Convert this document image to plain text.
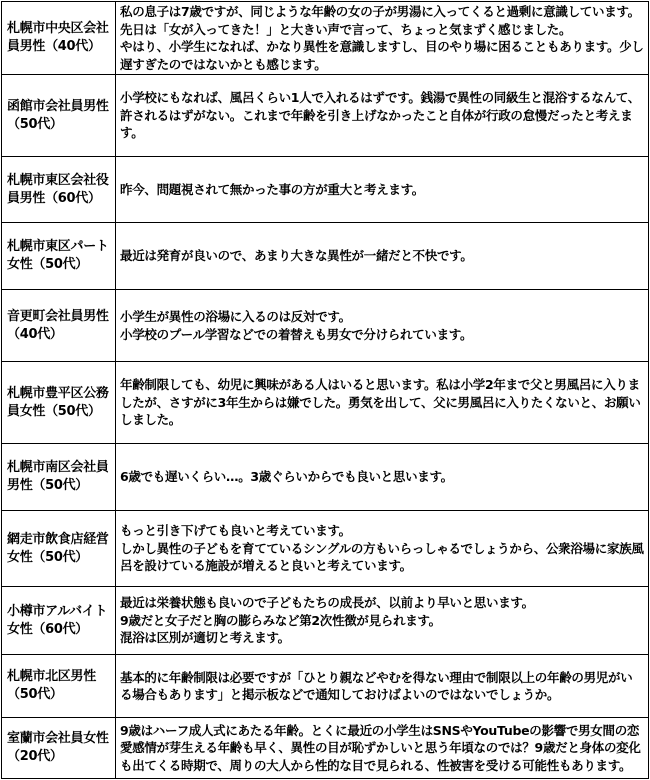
札幌市中央区会社員男性（40代）	私の息子は7歳ですが、同じような年齢の女の子が男湯に入ってくると過剰に意識しています。先日は「女が入ってきた！」と大きい声で言って、ちょっと気まずく感じました。
やはり、小学生になれば、かなり異性を意識しますし、目のやり場に困ることもあります。少し遅すぎたのではないかとも感じます。
函館市会社員男性（50代）	小学校にもなれば、風呂くらい1人で入れるはずです。銭湯で異性の同級生と混浴するなんて、許されるはずがない。これまで年齢を引き上げなかったこと自体が行政の怠慢だったと考えます。
札幌市東区会社役員男性（60代）	昨今、問題視されて無かった事の方が重大と考えます。
札幌市東区パート女性（50代）	最近は発育が良いので、あまり大きな異性が一緒だと不快です。
音更町会社員男性（40代）	小学生が異性の浴場に入るのは反対です。
小学校のプール学習などでの着替えも男女で分けられています。
札幌市豊平区公務員女性（50代）	年齢制限しても、幼児に興味がある人はいると思います。私は小学2年まで父と男風呂に入りましたが、さすがに3年生からは嫌でした。勇気を出して、父に男風呂に入りたくないと、お願いしました。
札幌市南区会社員男性（50代）	6歳でも遅いくらい…。3歳ぐらいからでも良いと思います。
網走市飲食店経営女性（50代）	もっと引き下げても良いと考えています。
しかし異性の子どもを育てているシングルの方もいらっしゃるでしょうから、公衆浴場に家族風呂を設けている施設が増えると良いと考えています。
小樽市アルバイト女性（60代）	最近は栄養状態も良いので子どもたちの成長が、以前より早いと思います。
9歳だと女子だと胸の膨らみなど第2次性徴が見られます。
混浴は区別が適切と考えます。
札幌市北区男性（50代）	基本的に年齢制限は必要ですが「ひとり親などやむを得ない理由で制限以上の年齢の男児がいる場合もあります」と掲示板などで通知しておけばよいのではないでしょうか。
室蘭市会社員女性（20代）	9歳はハーフ成人式にあたる年齢。とくに最近の小学生はSNSやYouTubeの影響で男女間の恋愛感情が芽生える年齢も早く、異性の目が恥ずかしいと思う年頃なのでは？9歳だと身体の変化も出てくる時期で、周りの大人から性的な目で見られる、性被害を受ける可能性もあります。
